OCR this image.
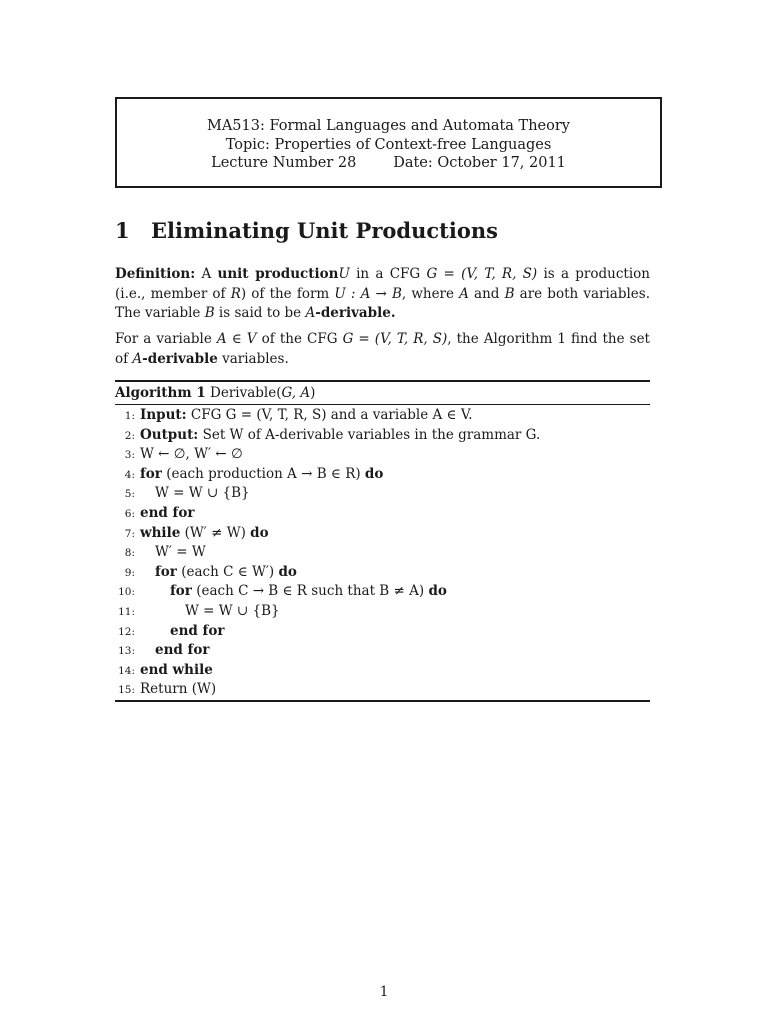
MA513: Formal Languages and Automata Theory
Topic: Properties of Context-free Languages
Lecture Number 28        Date: October 17, 2011
1 Eliminating Unit Productions

Definition: A unit productionU in a CFG G = (V, T, R, S) is a production (i.e., member of R) of the form U : A → B, where A and B are both variables. The variable B is said to be A-derivable.

For a variable A ∈ V of the CFG G = (V, T, R, S), the Algorithm 1 find the set of A-derivable variables.

Algorithm 1 Derivable(G, A)
1: Input: CFG G = (V, T, R, S) and a variable A ∈ V.
2: Output: Set W of A-derivable variables in the grammar G.
3: W ← ∅, W′ ← ∅
4: for (each production A → B ∈ R) do
5:	W = W ∪ {B}
6: end for
7: while (W′ ≠ W) do
8:	W′ = W
9:	for (each C ∈ W′) do
10:	for (each C → B ∈ R such that B ≠ A) do
11:	W = W ∪ {B}
12:	end for
13:	end for
14: end while
15: Return (W)
1
